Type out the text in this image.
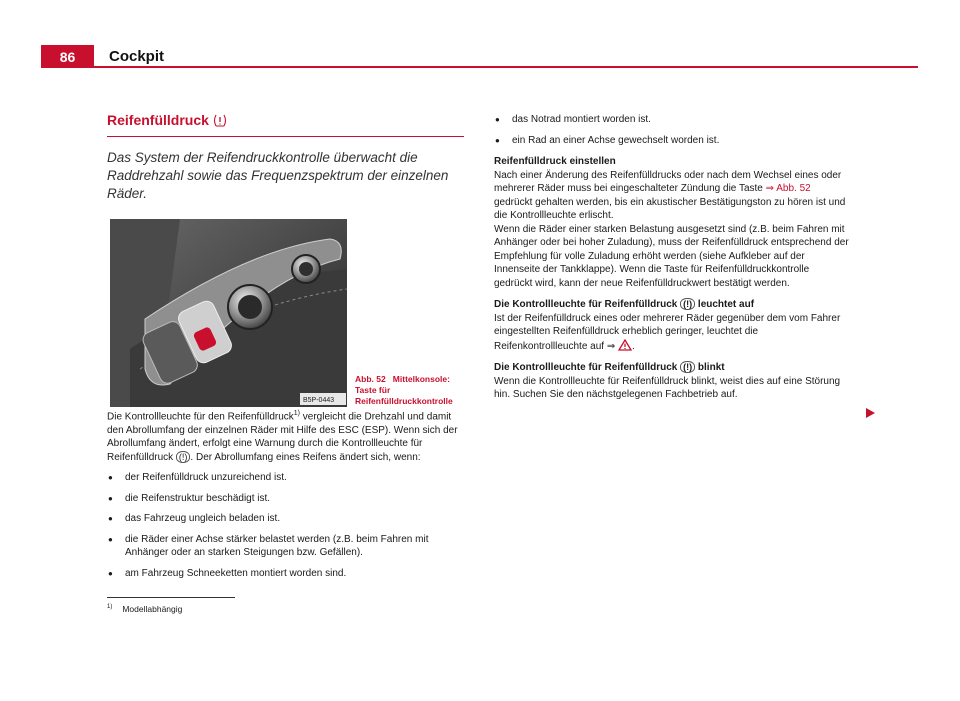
86	Cockpit
Reifenfülldruck
Das System der Reifendruckkontrolle überwacht die Raddrehzahl sowie das Frequenzspektrum der einzelnen Räder.
B5P-0443
Abb. 52 Mittelkonsole: Taste für Reifenfülldruckkontrolle

Die Kontrollleuchte für den Reifenfülldruck$^{1)}$ vergleicht die Drehzahl und damit den Abrollumfang der einzelnen Räder mit Hilfe des ESC (ESP). Wenn sich der Abrollumfang ändert, erfolgt eine Warnung durch die Kontrollleuchte für Reifenfülldruck (!) . Der Abrollumfang eines Reifens ändert sich, wenn:

● der Reifenfülldruck unzureichend ist.
● die Reifenstruktur beschädigt ist.
● das Fahrzeug ungleich beladen ist.
● die Räder einer Achse stärker belastet werden (z.B. beim Fahren mit Anhänger oder an starken Steigungen bzw. Gefällen).
● am Fahrzeug Schneeketten montiert worden sind.
● das Notrad montiert worden ist.
● ein Rad an einer Achse gewechselt worden ist.
Reifenfülldruck einstellen

Nach einer Änderung des Reifenfülldrucks oder nach dem Wechsel eines oder mehrerer Räder muss bei eingeschalteter Zündung die Taste ⇒ Abb. 52 gedrückt gehalten werden, bis ein akustischer Bestätigungston zu hören ist und die Kontrollleuchte erlischt.

Wenn die Räder einer starken Belastung ausgesetzt sind (z.B. beim Fahren mit Anhänger oder bei hoher Zuladung), muss der Reifenfülldruck entsprechend der Empfehlung für volle Zuladung erhöht werden (siehe Aufkleber auf der Innenseite der Tankklappe). Wenn die Taste für Reifenfülldruckkontrolle gedrückt wird, kann der neue Reifenfülldruckwert bestätigt werden.

Die Kontrollleuchte für Reifenfülldruck (!) leuchtet auf

Ist der Reifenfülldruck eines oder mehrerer Räder gegenüber dem vom Fahrer eingestellten Reifenfülldruck erheblich geringer, leuchtet die Reifenkontrollleuchte auf ⇒ .

Die Kontrollleuchte für Reifenfülldruck (!) blinkt

Wenn die Kontrollleuchte für Reifenfülldruck blinkt, weist dies auf eine Störung hin. Suchen Sie den nächstgelegenen Fachbetrieb auf.

$^{1)}$ Modellabhängig
